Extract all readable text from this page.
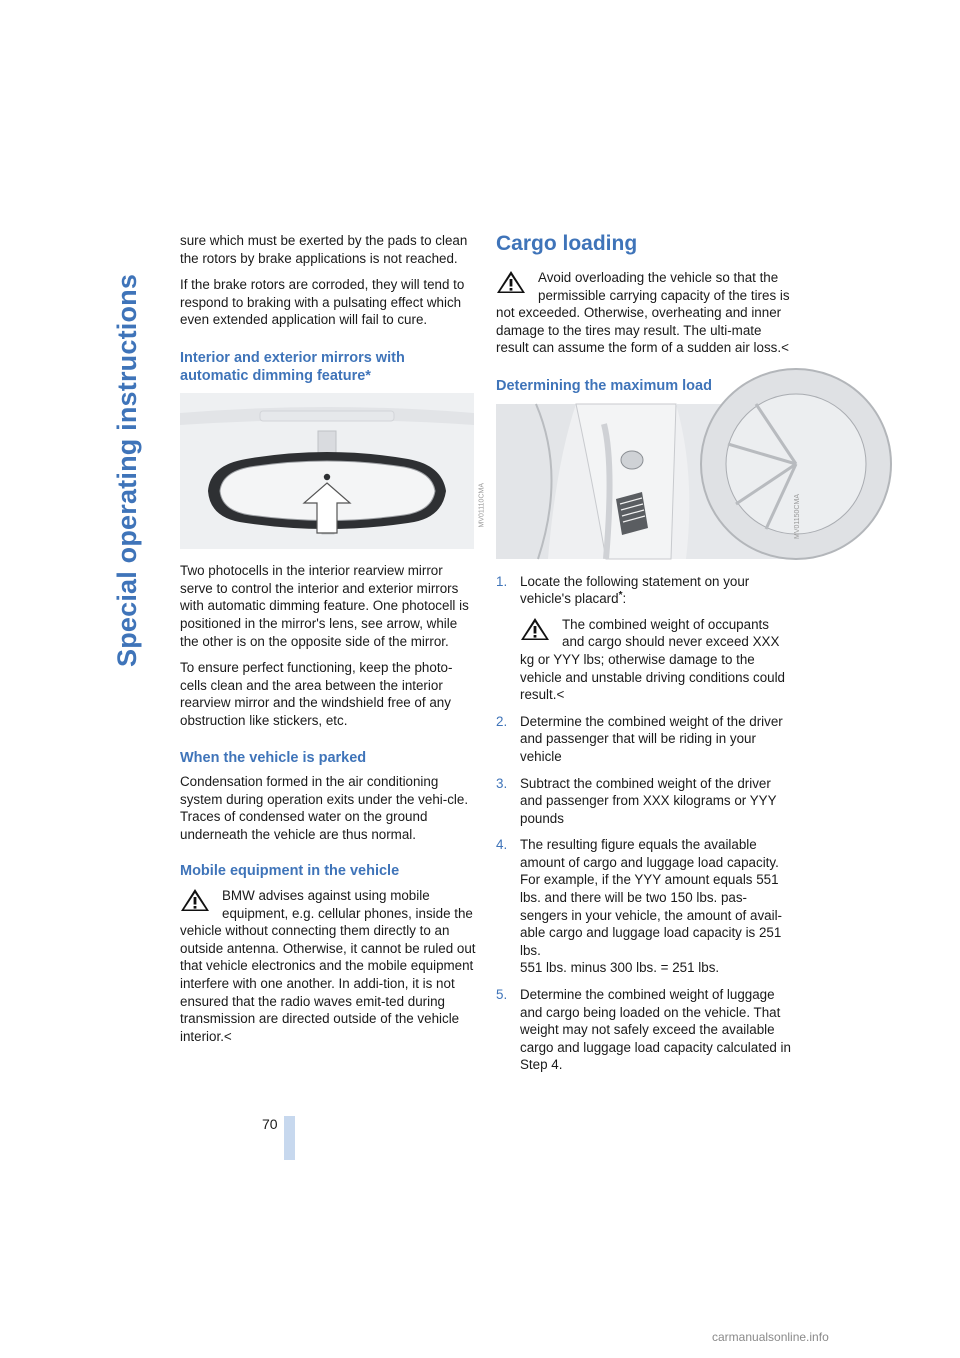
Special operating instructions

sure which must be exerted by the pads to clean the rotors by brake applications is not reached.

If the brake rotors are corroded, they will tend to respond to braking with a pulsating effect which even extended application will fail to cure.

Interior and exterior mirrors with automatic dimming feature*
MV01110CMA

Two photocells in the interior rearview mirror serve to control the interior and exterior mirrors with automatic dimming feature. One photocell is positioned in the mirror's lens, see arrow, while the other is on the opposite side of the mirror.

To ensure perfect functioning, keep the photo-cells clean and the area between the interior rearview mirror and the windshield free of any obstruction like stickers, etc.

When the vehicle is parked

Condensation formed in the air conditioning system during operation exits under the vehi-cle. Traces of condensed water on the ground underneath the vehicle are thus normal.

Mobile equipment in the vehicle
BMW advises against using mobile equipment, e.g. cellular phones, inside the vehicle without connecting them directly to an outside antenna. Otherwise, it cannot be ruled out that vehicle electronics and the mobile equipment interfere with one another. In addi-tion, it is not ensured that the radio waves emit-ted during transmission are directed outside of the vehicle interior.<
Cargo loading
Avoid overloading the vehicle so that the permissible carrying capacity of the tires is not exceeded. Otherwise, overheating and inner damage to the tires may result. The ulti-mate result can assume the form of a sudden air loss.<
Determining the maximum load
MV01150CMA
1. Locate the following statement on your vehicle's placard*:
The combined weight of occupants and cargo should never exceed XXX kg or YYY lbs; otherwise damage to the vehicle and unstable driving conditions could result.<
2. Determine the combined weight of the driver and passenger that will be riding in your vehicle
3. Subtract the combined weight of the driver and passenger from XXX kilograms or YYY pounds
4. The resulting figure equals the available amount of cargo and luggage load capacity. For example, if the YYY amount equals 551 lbs. and there will be two 150 lbs. pas-sengers in your vehicle, the amount of avail-able cargo and luggage load capacity is 251 lbs.
551 lbs. minus 300 lbs. = 251 lbs.
5. Determine the combined weight of luggage and cargo being loaded on the vehicle. That weight may not safely exceed the available cargo and luggage load capacity calculated in Step 4.
70
carmanualsonline.info
